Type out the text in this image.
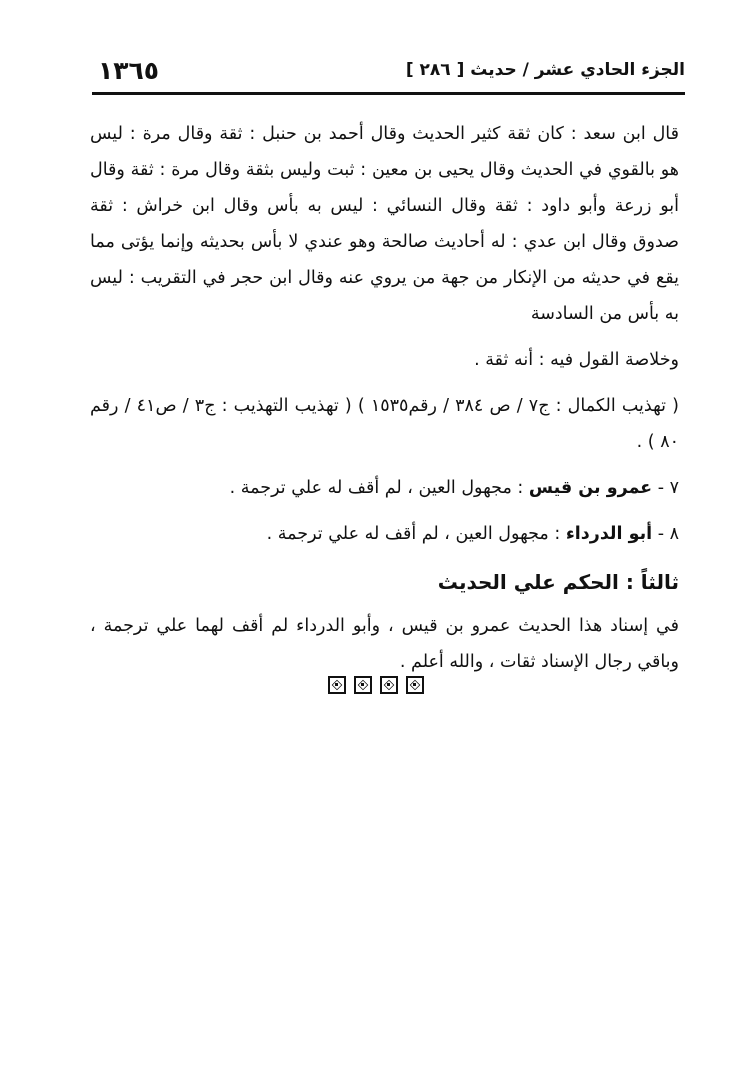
١٣٦٥	الجزء الحادي عشر / حديث [ ٢٨٦ ]

قال ابن سعد : كان ثقة كثير الحديث وقال أحمد بن حنبل : ثقة وقال مرة : ليس هو بالقوي في الحديث وقال يحيى بن معين : ثبت وليس بثقة وقال مرة : ثقة وقال أبو زرعة وأبو داود : ثقة وقال النسائي : ليس به بأس وقال ابن خراش : ثقة صدوق وقال ابن عدي : له أحاديث صالحة وهو عندي لا بأس بحديثه وإنما يؤتى مما يقع في حديثه من الإنكار من جهة من يروي عنه وقال ابن حجر في التقريب : ليس به بأس من السادسة

وخلاصة القول فيه : أنه ثقة .

( تهذيب الكمال : ج٧ / ص ٣٨٤ / رقم١٥٣٥ ) ( تهذيب التهذيب : ج٣ / ص٤١ / رقم ٨٠ ) .

٧ - عمرو بن قيس : مجهول العين ، لم أقف له علي ترجمة .
٨ - أبو الدرداء : مجهول العين ، لم أقف له علي ترجمة .
ثالثاً : الحكم علي الحديث

في إسناد هذا الحديث عمرو بن قيس ، وأبو الدرداء لم أقف لهما علي ترجمة ، وباقي رجال الإسناد ثقات ، والله أعلم .
